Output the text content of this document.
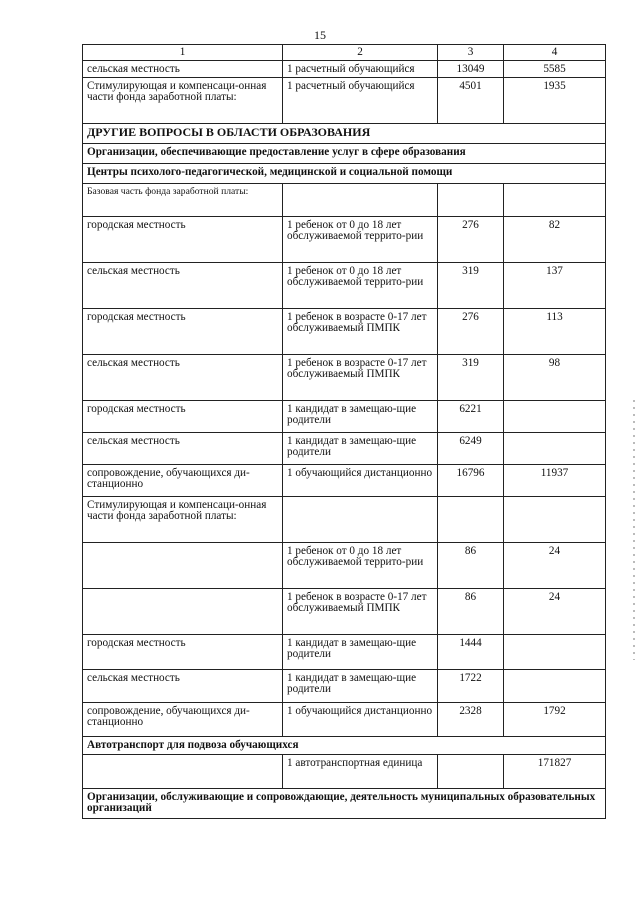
15
1	2	3	4
сельская местность	1 расчетный обучающийся	13049	5585
Стимулирующая и компенсаци-онная части фонда заработной платы:	1 расчетный обучающийся	4501	1935
ДРУГИЕ ВОПРОСЫ В ОБЛАСТИ ОБРАЗОВАНИЯ			
Организации, обеспечивающие предоставление услуг в сфере образования			
Центры психолого-педагогической, медицинской и социальной помощи			
Базовая часть фонда заработной платы:			
городская местность	1 ребенок от 0 до 18 лет обслуживаемой террито-рии	276	82
сельская местность	1 ребенок от 0 до 18 лет обслуживаемой террито-рии	319	137
городская местность	1 ребенок в возрасте 0-17 лет обслуживаемый ПМПК	276	113
сельская местность	1 ребенок в возрасте 0-17 лет обслуживаемый ПМПК	319	98
городская местность	1 кандидат в замещаю-щие родители	6221	
сельская местность	1 кандидат в замещаю-щие родители	6249	
сопровождение, обучающихся ди-станционно	1 обучающийся дистанционно	16796	11937
Стимулирующая и компенсаци-онная части фонда заработной платы:			
	1 ребенок от 0 до 18 лет обслуживаемой террито-рии	86	24
	1 ребенок в возрасте 0-17 лет обслуживаемый ПМПК	86	24
городская местность	1 кандидат в замещаю-щие родители	1444	
сельская местность	1 кандидат в замещаю-щие родители	1722	
сопровождение, обучающихся ди-станционно	1 обучающийся дистанционно	2328	1792
Автотранспорт для подвоза обучающихся			
	1 автотранспортная единица		171827
Организации, обслуживающие и сопровождающие, деятельность муниципальных образовательных организаций			
